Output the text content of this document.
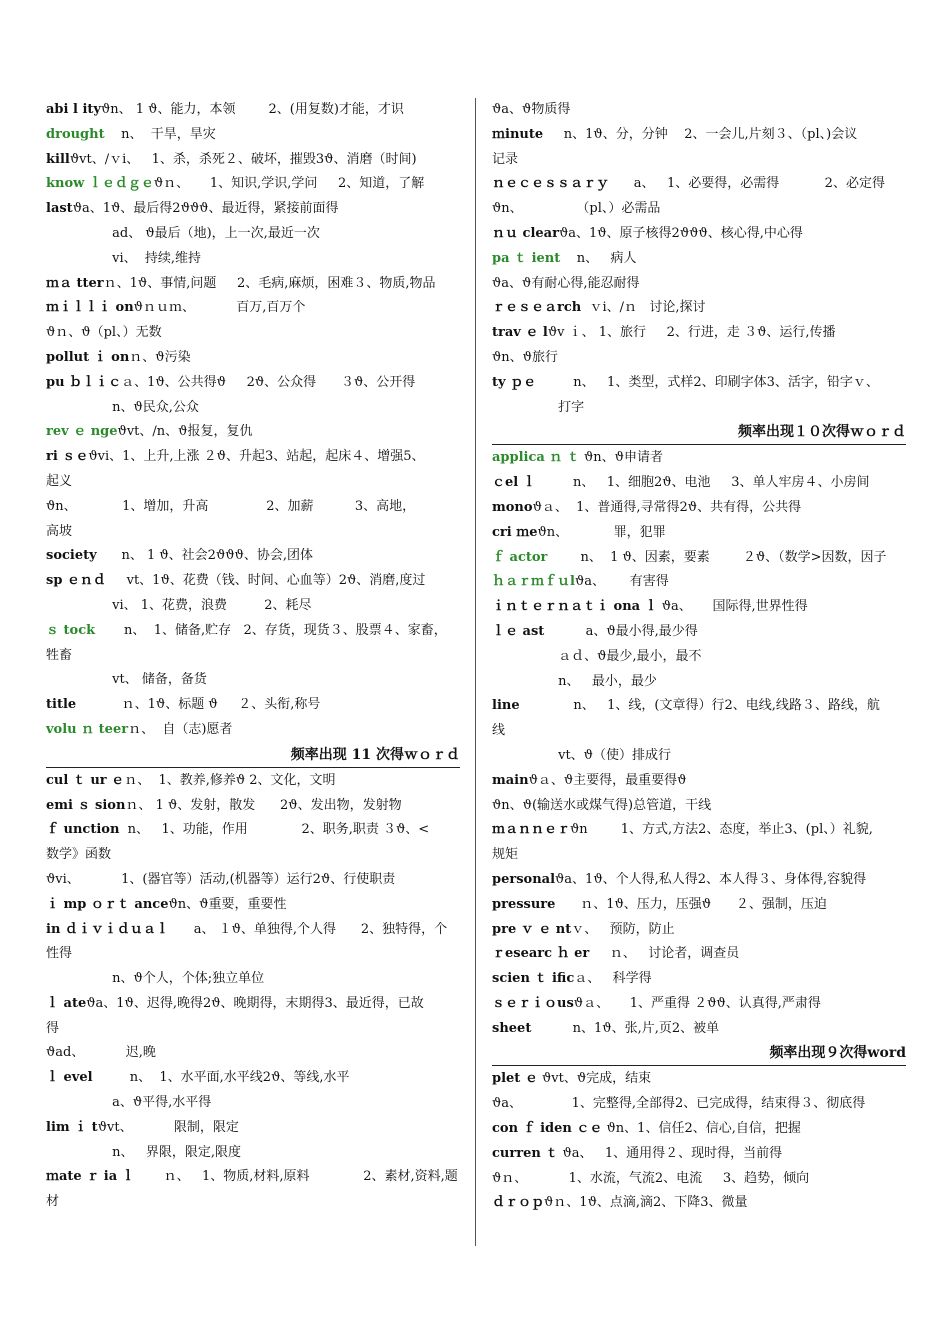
abi l ityϑn、 1 ϑ、能力，本领        2、(用复数)才能，才识
drought    n、  干旱，旱灾
killϑvt、/ｖi、   1、杀，杀死２、破坏，摧毁3ϑ、消磨（时间)
know ｌｅｄｇｅϑｎ、     1、知识,学识,学问     2、知道，了解
lastϑa、1ϑ、最后得2ϑϑϑ、最近得，紧接前面得
ad、 ϑ最后（地)，上一次,最近一次
vi、  持续,维持
ｍａ tterｎ、1ϑ、事情,问题     2、毛病,麻烦，困难３、物质,物品
ｍｉｌｌｉ onϑｎｕｍ、          百万,百万个
ϑｎ、ϑ（pl、）无数
pollut ｉ onｎ、ϑ污染
pu ｂｌｉｃａ、1ϑ、公共得ϑ     2ϑ、公众得      ３ϑ、公开得
n、ϑ民众,公众
rev ｅ ngeϑvt、/n、ϑ报复，复仇
ri ｓｅϑvi、1、上升,上涨 ２ϑ、升起3、站起，起床４、增强5、
起义
ϑn、           1、增加，升高              2、加薪          3、高地，
高坡
society      n、 1 ϑ、社会2ϑϑϑ、协会,团体
sp ｅｎｄ     vt、1ϑ、花费（钱、时间、心血等）2ϑ、消磨,度过
vi、 1、花费，浪费         2、耗尽
ｓ tock       n、  1、储备,贮存   2、存货，现货３、股票４、家畜，
牲畜
vt、 储备，备货
title           ｎ、1ϑ、标题 ϑ     ２、头衔,称号
volu ｎ teerｎ、  自（志)愿者
频率出现 11 次得ｗｏｒｄ
cul ｔ ur ｅｎ、  1、教养,修养ϑ 2、文化，文明
emi ｓ sionｎ、 1 ϑ、发射，散发      2ϑ、发出物，发射物
ｆ unction  n、   1、功能，作用             2、职务,职责 ３ϑ、<
数学》函数
ϑvi、          1、(器官等）活动,(机器等）运行2ϑ、行使职责
ｉ mp ｏｒｔ anceϑn、ϑ重要，重要性
in ｄｉｖｉｄｕａｌ      a、 １ϑ、单独得,个人得      2、独特得，个
性得
n、ϑ个人，个体;独立单位
ｌ ateϑa、1ϑ、迟得,晚得2ϑ、晚期得，末期得3、最近得，已故
得
ϑad、          迟,晚
ｌ evel         n、  1、水平面,水平线2ϑ、等线,水平
a、ϑ平得,水平得
lim ｉ tϑvt、          限制，限定
n、   界限，限定,限度
ｍate ｒ ia ｌ       ｎ、   1、物质,材料,原料             2、素材,资料,题
材
ϑa、ϑ物质得
ｍinute     n、1ϑ、分，分钟    2、一会儿,片刻３、（pl、)会议
记录
ｎｅｃｅｓｓａｒｙ      a、   1、必要得，必需得           2、必定得
ϑn、             （pl、）必需品
ｎｕ clearϑa、1ϑ、原子核得2ϑϑϑ、核心得,中心得
pa ｔ ient    n、   病人
ϑa、ϑ有耐心得,能忍耐得
ｒｅｓｅａrch  ｖi、/ｎ   讨论,探讨
trav ｅ lϑv ｉ、 1、旅行     2、行进，走 ３ϑ、运行,传播
ϑn、ϑ旅行
ty ｐｅ         n、   1、类型，式样2、印刷字体3、活字，铅字ｖ、
打字
频率出现１０次得ｗｏｒｄ
applica ｎ ｔ ϑn、ϑ申请者
ｃel ｌ         n、   1、细胞2ϑ、电池     3、单人牢房４、小房间
monoϑａ、  1、普通得,寻常得2ϑ、共有得，公共得
cri ｍeϑn、           罪，犯罪
ｆ actor        n、  1 ϑ、因素，要素        ２ϑ、（数学>因数，因子
ｈａｒｍｆｕlϑa、      有害得
ｉｎｔｅｒｎａｔｉ ona ｌ ϑa、     国际得,世界性得
ｌｅ ast          a、ϑ最小得,最少得
ａｄ、ϑ最少,最小，最不
n、   最小，最少
line             n、   1、线，(文章得）行2、电线,线路３、路线，航
线
vt、ϑ（使）排成行
mainϑａ、ϑ主要得，最重要得ϑ
ϑn、ϑ(输送水或煤气得)总管道，干线
ｍａｎｎｅｒϑn        1、方式,方法2、态度，举止3、(pl、）礼貌,
规矩
personalϑa、1ϑ、个人得,私人得2、本人得３、身体得,容貌得
pressure      ｎ、1ϑ、压力，压强ϑ      ２、强制，压迫
pre ｖ ｅ ntｖ、   预防，防止
ｒesearc ｈ er     ｎ、   讨论者，调查员
scien ｔ ificａ、   科学得
ｓｅｒｉｏusϑａ、     1、严重得 ２ϑϑ、认真得,严肃得
sheet          n、1ϑ、张,片,页2、被单
频率出现９次得word
plet ｅ ϑvt、ϑ完成，结束
ϑa、            1、完整得,全部得2、已完成得，结束得３、彻底得
con ｆ iden ｃｅ ϑn、1、信任2、信心,自信，把握
curren ｔ ϑa、   1、通用得２、现时得，当前得
ϑｎ、          1、水流，气流2、电流     3、趋势，倾向
ｄｒｏｐϑｎ、1ϑ、点滴,滴2、下降3、微量
